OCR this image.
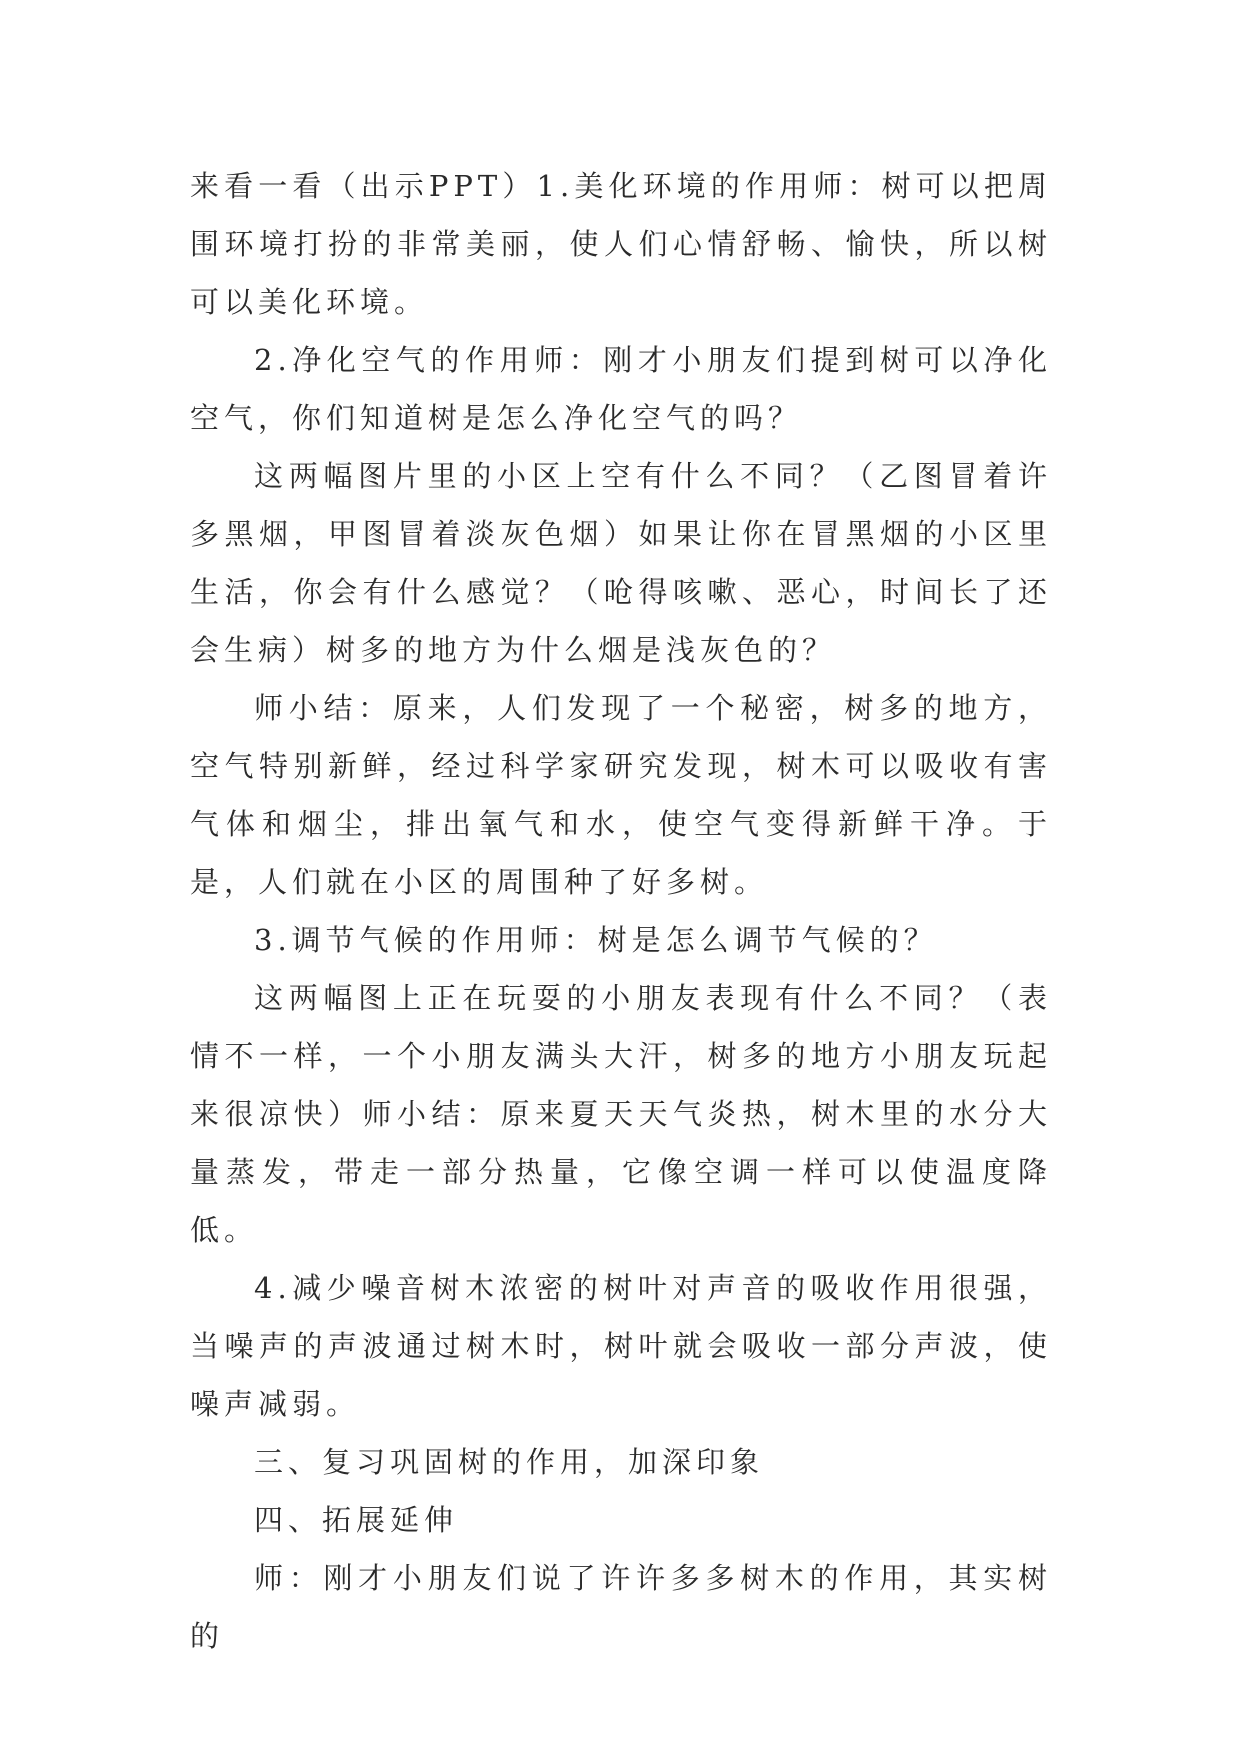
来看一看（出示PPT）1.美化环境的作用师：树可以把周围环境打扮的非常美丽，使人们心情舒畅、愉快，所以树可以美化环境。

2.净化空气的作用师：刚才小朋友们提到树可以净化空气，你们知道树是怎么净化空气的吗？

这两幅图片里的小区上空有什么不同？（乙图冒着许多黑烟，甲图冒着淡灰色烟）如果让你在冒黑烟的小区里生活，你会有什么感觉？（呛得咳嗽、恶心，时间长了还会生病）树多的地方为什么烟是浅灰色的？

师小结：原来，人们发现了一个秘密，树多的地方，空气特别新鲜，经过科学家研究发现，树木可以吸收有害气体和烟尘，排出氧气和水，使空气变得新鲜干净。于是，人们就在小区的周围种了好多树。

3.调节气候的作用师：树是怎么调节气候的？

这两幅图上正在玩耍的小朋友表现有什么不同？（表情不一样，一个小朋友满头大汗，树多的地方小朋友玩起来很凉快）师小结：原来夏天天气炎热，树木里的水分大量蒸发，带走一部分热量，它像空调一样可以使温度降低。

4.减少噪音树木浓密的树叶对声音的吸收作用很强，当噪声的声波通过树木时，树叶就会吸收一部分声波，使噪声减弱。

三、复习巩固树的作用，加深印象

四、拓展延伸

师：刚才小朋友们说了许许多多树木的作用，其实树的
